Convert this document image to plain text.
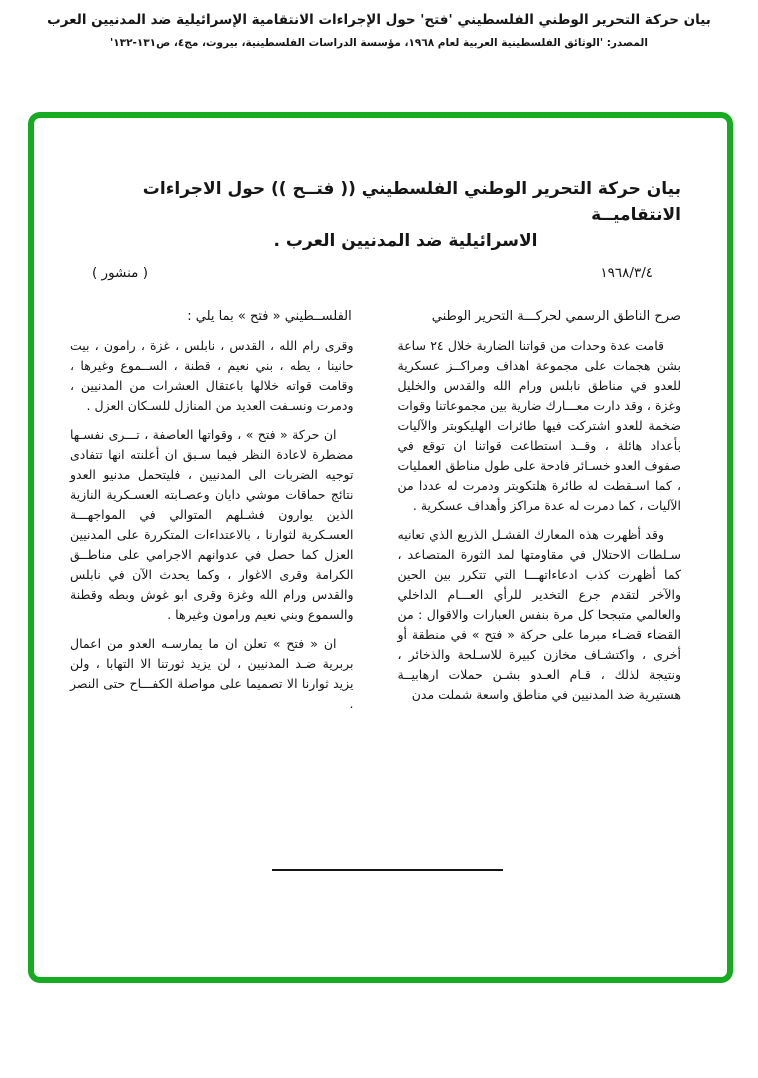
بيان حركة التحرير الوطني الفلسطيني 'فتح' حول الإجراءات الانتقامية الإسرائيلية ضد المدنيين العرب
المصدر: 'الوثائق الفلسطينية العربية لعام ١٩٦٨، مؤسسة الدراسات الفلسطينية، بيروت، مج٤، ص١٣١-١٣٢'
بيان حركة التحرير الوطني الفلسطيني (( فتــح )) حول الاجراءات الانتقاميــة
الاسرائيلية ضد المدنيين العرب .
١٩٦٨/٣/٤
( منشور )
صرح الناطق الرسمي لحركـــة التحرير الوطني
الفلســطيني « فتح » بما يلي :

قامت عدة وحدات من قواتنا الضاربة خلال ٢٤ ساعة بشن هجمات على مجموعة اهداف ومراكــز عسكرية للعدو في مناطق نابلس ورام الله والقدس والخليل وغزة ، وقد دارت معـــارك ضارية بين مجموعاتنا وقوات ضخمة للعدو اشتركت فيها طائرات الهليكوبتر والآليات بأعداد هائلة ، وقــد استطاعت قواتنا ان توقع في صفوف العدو خسـائر فادحة على طول مناطق العمليات ، كما اسـقطت له طائرة هلتكوبتر ودمرت له عددا من الآليات ، كما دمرت له عدة مراكز وأهداف عسكرية .

وقد أظهرت هذه المعارك الفشـل الذريع الذي تعانيه سـلطات الاحتلال في مقاومتها لمد الثورة المتصاعد ، كما أظهرت كذب ادعاءاتهـــا التي تتكرر بين الحين والآخر لتقدم جرع التخدير للرأي العـــام الداخلي والعالمي متبجحا كل مرة بنفس العبارات والاقوال : من القضاء قضـاء مبرما على حركة « فتح » في منطقة أو أخرى ، واكتشـاف مخازن كبيرة للاسـلحة والذخائر ، ونتيجة لذلك ، قـام العـدو بشـن حملات ارهابيــة هستيرية ضد المدنيين في مناطق واسعة شملت مدن

وقرى رام الله ، القدس ، نابلس ، غزة ، رامون ، بيت حانينا ، يطه ، بني نعيم ، قطنة ، الســموع وغيرها ، وقامت قواته خلالها باعتقال العشرات من المدنيين ، ودمرت ونسـفت العديد من المنازل للسـكان العزل .

ان حركة « فتح » ، وقواتها العاصفة ، تـــرى نفسـها مضطرة لاعادة النظر فيما سـبق ان أعلنته انها تتفادى توجيه الضربات الى المدنيين ، فليتحمل مدنيو العدو نتائج حماقات موشي دايان وعصـابته العسـكرية النازية الذين يوارون فشـلهم المتوالي في المواجهـــة العسـكرية لثوارنا ، بالاعتداءات المتكررة على المدنيين العزل كما حصل في عدوانهم الاجرامي على مناطــق الكرامة وقرى الاغوار ، وكما يحدث الآن في نابلس والقدس ورام الله وغزة وقرى ابو غوش وبطه وقطنة والسموع وبني نعيم ورامون وغيرها .

ان « فتح » تعلن ان ما يمارسـه العدو من اعمال بربرية ضـد المدنيين ، لن يزيد ثورتنا الا التهابا ، ولن يزيد ثوارنا الا تصميما على مواصلة الكفـــاح حتى النصر .
